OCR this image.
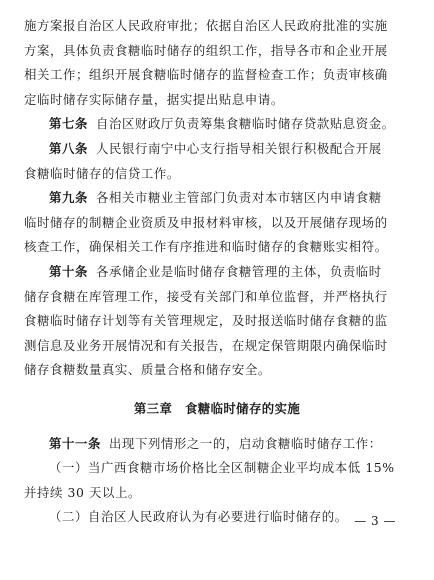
施方案报自治区人民政府审批；依据自治区人民政府批准的实施
方案，具体负责食糖临时储存的组织工作，指导各市和企业开展
相关工作；组织开展食糖临时储存的监督检查工作；负责审核确
定临时储存实际储存量，据实提出贴息申请。
第七条 自治区财政厅负责筹集食糖临时储存贷款贴息资金。
第八条 人民银行南宁中心支行指导相关银行积极配合开展
食糖临时储存的信贷工作。
第九条 各相关市糖业主管部门负责对本市辖区内申请食糖
临时储存的制糖企业资质及申报材料审核，以及开展储存现场的
核查工作，确保相关工作有序推进和临时储存的食糖账实相符。
第十条 各承储企业是临时储存食糖管理的主体，负责临时
储存食糖在库管理工作，接受有关部门和单位监督，并严格执行
食糖临时储存计划等有关管理规定，及时报送临时储存食糖的监
测信息及业务开展情况和有关报告，在规定保管期限内确保临时
储存食糖数量真实、质量合格和储存安全。
第三章　食糖临时储存的实施
第十一条 出现下列情形之一的，启动食糖临时储存工作：
（一）当广西食糖市场价格比全区制糖企业平均成本低 15%
并持续 30 天以上。
（二）自治区人民政府认为有必要进行临时储存的。 — 3 —
